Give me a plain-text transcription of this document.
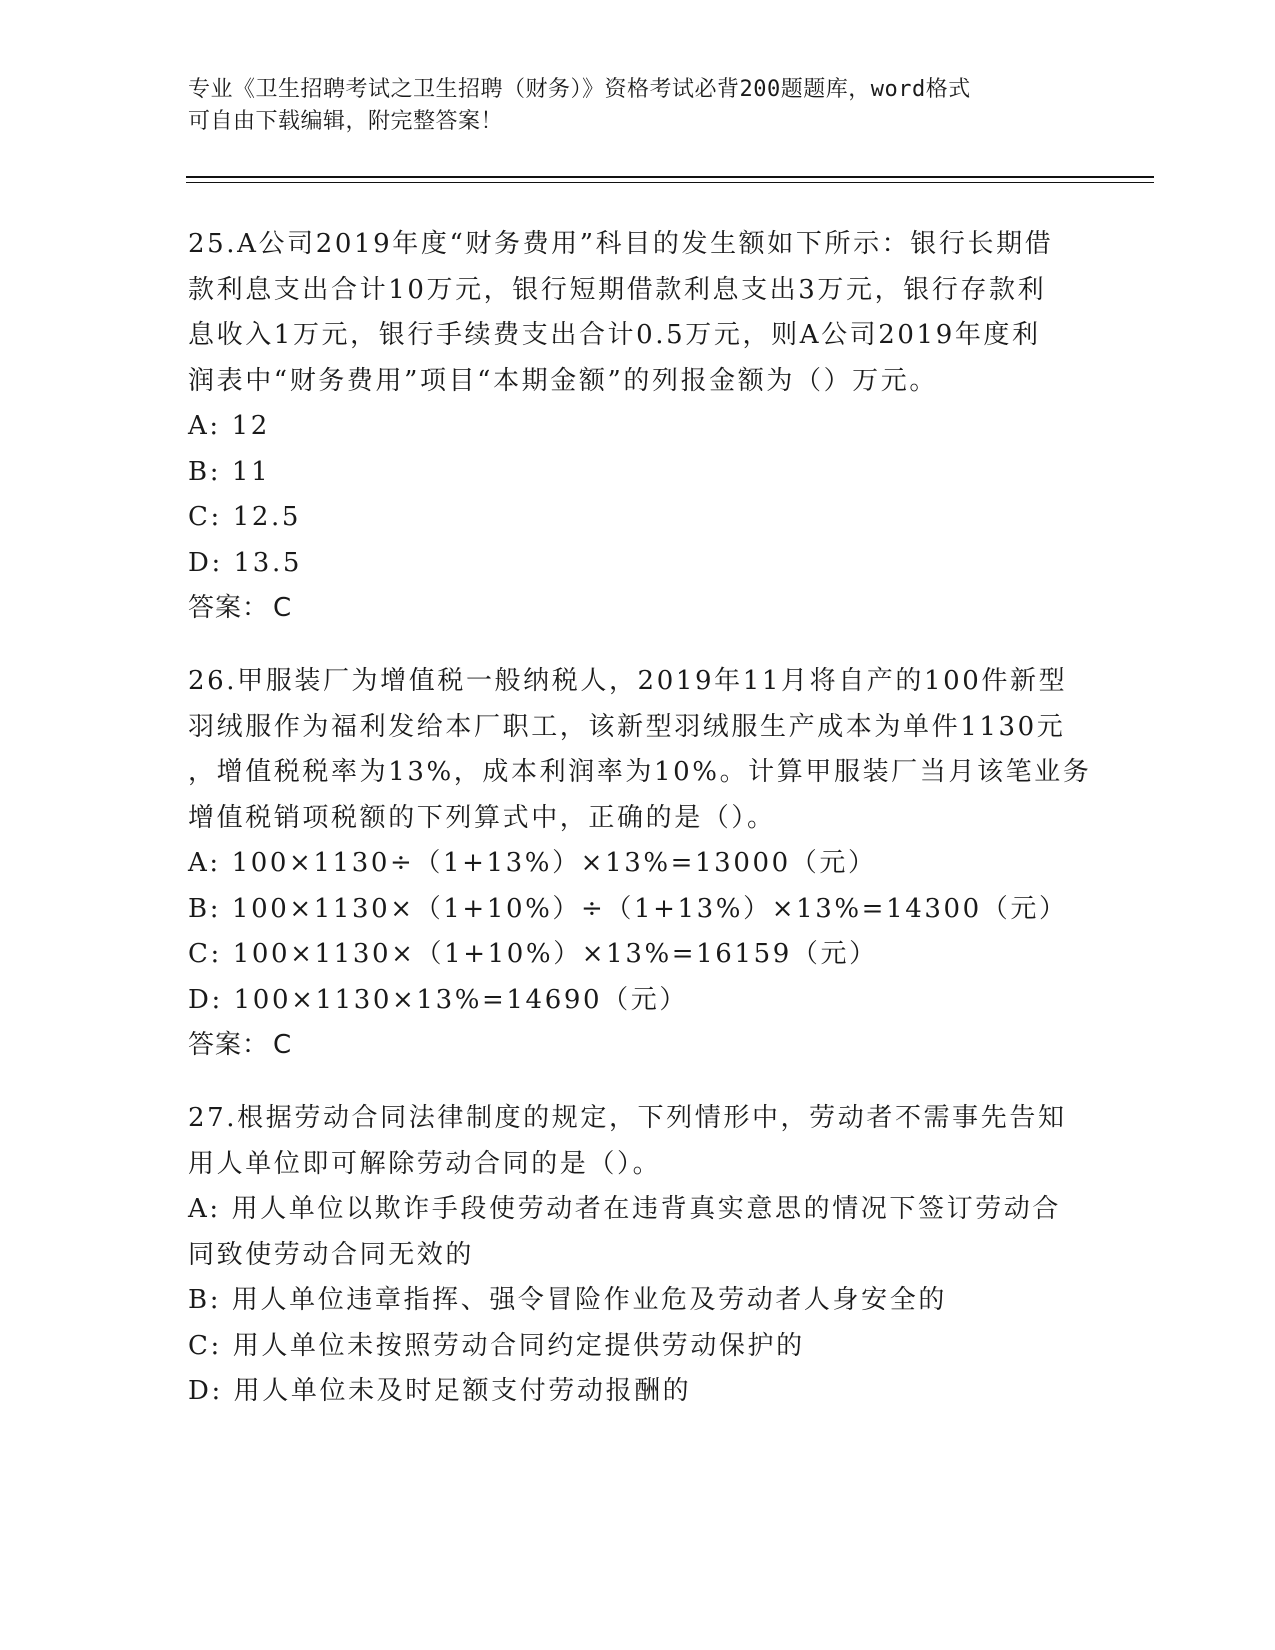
专业《卫生招聘考试之卫生招聘（财务）》资格考试必背200题题库，word格式
可自由下载编辑，附完整答案！
25.A公司2019年度“财务费用”科目的发生额如下所示：银行长期借
款利息支出合计10万元，银行短期借款利息支出3万元，银行存款利
息收入1万元，银行手续费支出合计0.5万元，则A公司2019年度利
润表中“财务费用”项目“本期金额”的列报金额为（）万元。
A: 12
B: 11
C: 12.5
D: 13.5
答案： C
26.甲服装厂为增值税一般纳税人，2019年11月将自产的100件新型
羽绒服作为福利发给本厂职工，该新型羽绒服生产成本为单件1130元
，增值税税率为13%，成本利润率为10%。计算甲服装厂当月该笔业务
增值税销项税额的下列算式中，正确的是（）。
A: 100×1130÷（1+13%）×13%=13000（元）
B: 100×1130×（1+10%）÷（1+13%）×13%=14300（元）
C: 100×1130×（1+10%）×13%=16159（元）
D: 100×1130×13%=14690（元）
答案： C
27.根据劳动合同法律制度的规定，下列情形中，劳动者不需事先告知
用人单位即可解除劳动合同的是（）。
A: 用人单位以欺诈手段使劳动者在违背真实意思的情况下签订劳动合
同致使劳动合同无效的
B: 用人单位违章指挥、强令冒险作业危及劳动者人身安全的
C: 用人单位未按照劳动合同约定提供劳动保护的
D: 用人单位未及时足额支付劳动报酬的
